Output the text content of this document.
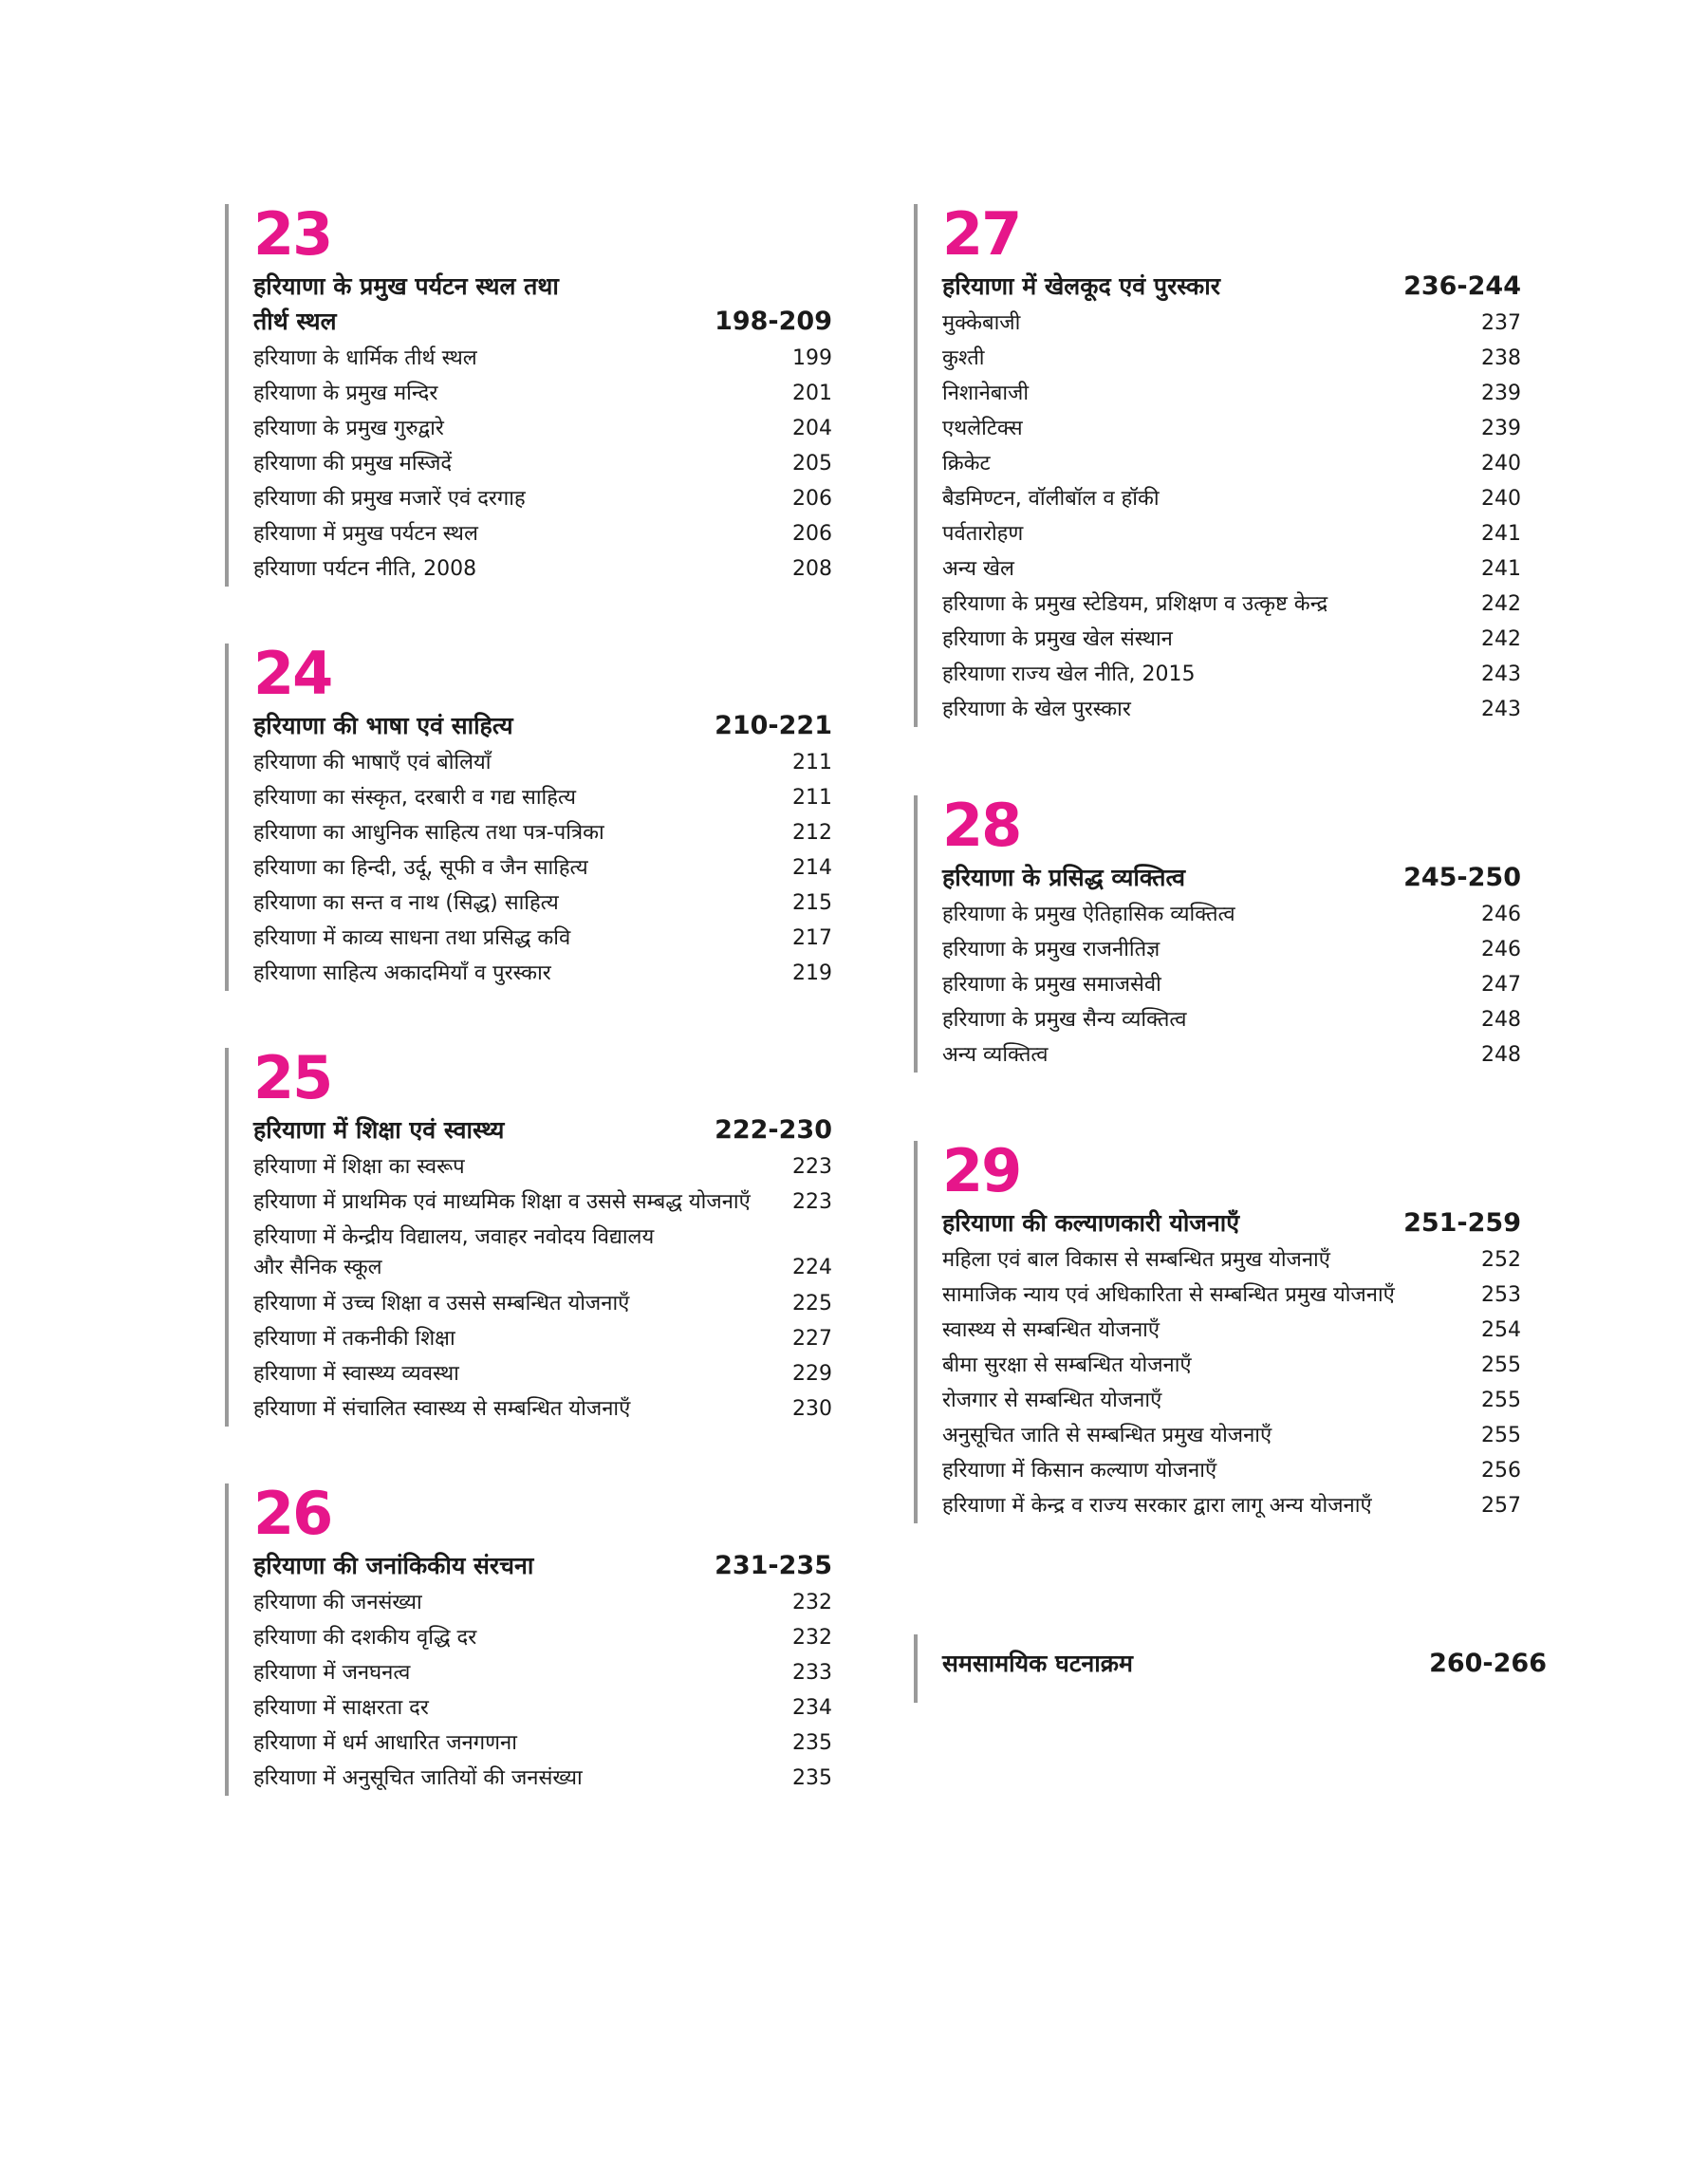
23
हरियाणा के प्रमुख पर्यटन स्थल तथा
तीर्थ स्थल	198-209
हरियाणा के धार्मिक तीर्थ स्थल	199
हरियाणा के प्रमुख मन्दिर	201
हरियाणा के प्रमुख गुरुद्वारे	204
हरियाणा की प्रमुख मस्जिदें	205
हरियाणा की प्रमुख मजारें एवं दरगाह	206
हरियाणा में प्रमुख पर्यटन स्थल	206
हरियाणा पर्यटन नीति, 2008	208
24
हरियाणा की भाषा एवं साहित्य	210-221
हरियाणा की भाषाएँ एवं बोलियाँ	211
हरियाणा का संस्कृत, दरबारी व गद्य साहित्य	211
हरियाणा का आधुनिक साहित्य तथा पत्र-पत्रिका	212
हरियाणा का हिन्दी, उर्दू, सूफी व जैन साहित्य	214
हरियाणा का सन्त व नाथ (सिद्ध) साहित्य	215
हरियाणा में काव्य साधना तथा प्रसिद्ध कवि	217
हरियाणा साहित्य अकादमियाँ व पुरस्कार	219
25
हरियाणा में शिक्षा एवं स्वास्थ्य	222-230
हरियाणा में शिक्षा का स्वरूप	223
हरियाणा में प्राथमिक एवं माध्यमिक शिक्षा व उससे सम्बद्ध योजनाएँ	223
हरियाणा में केन्द्रीय विद्यालय, जवाहर नवोदय विद्यालय
और सैनिक स्कूल	224
हरियाणा में उच्च शिक्षा व उससे सम्बन्धित योजनाएँ	225
हरियाणा में तकनीकी शिक्षा	227
हरियाणा में स्वास्थ्य व्यवस्था	229
हरियाणा में संचालित स्वास्थ्य से सम्बन्धित योजनाएँ	230
26
हरियाणा की जनांकिकीय संरचना	231-235
हरियाणा की जनसंख्या	232
हरियाणा की दशकीय वृद्धि दर	232
हरियाणा में जनघनत्व	233
हरियाणा में साक्षरता दर	234
हरियाणा में धर्म आधारित जनगणना	235
हरियाणा में अनुसूचित जातियों की जनसंख्या	235
27
हरियाणा में खेलकूद एवं पुरस्कार	236-244
मुक्केबाजी	237
कुश्ती	238
निशानेबाजी	239
एथलेटिक्स	239
क्रिकेट	240
बैडमिण्टन, वॉलीबॉल व हॉकी	240
पर्वतारोहण	241
अन्य खेल	241
हरियाणा के प्रमुख स्टेडियम, प्रशिक्षण व उत्कृष्ट केन्द्र	242
हरियाणा के प्रमुख खेल संस्थान	242
हरियाणा राज्य खेल नीति, 2015	243
हरियाणा के खेल पुरस्कार	243
28
हरियाणा के प्रसिद्ध व्यक्तित्व	245-250
हरियाणा के प्रमुख ऐतिहासिक व्यक्तित्व	246
हरियाणा के प्रमुख राजनीतिज्ञ	246
हरियाणा के प्रमुख समाजसेवी	247
हरियाणा के प्रमुख सैन्य व्यक्तित्व	248
अन्य व्यक्तित्व	248
29
हरियाणा की कल्याणकारी योजनाएँ	251-259
महिला एवं बाल विकास से सम्बन्धित प्रमुख योजनाएँ	252
सामाजिक न्याय एवं अधिकारिता से सम्बन्धित प्रमुख योजनाएँ	253
स्वास्थ्य से सम्बन्धित योजनाएँ	254
बीमा सुरक्षा से सम्बन्धित योजनाएँ	255
रोजगार से सम्बन्धित योजनाएँ	255
अनुसूचित जाति से सम्बन्धित प्रमुख योजनाएँ	255
हरियाणा में किसान कल्याण योजनाएँ	256
हरियाणा में केन्द्र व राज्य सरकार द्वारा लागू अन्य योजनाएँ	257
समसामयिक घटनाक्रम	260-266
